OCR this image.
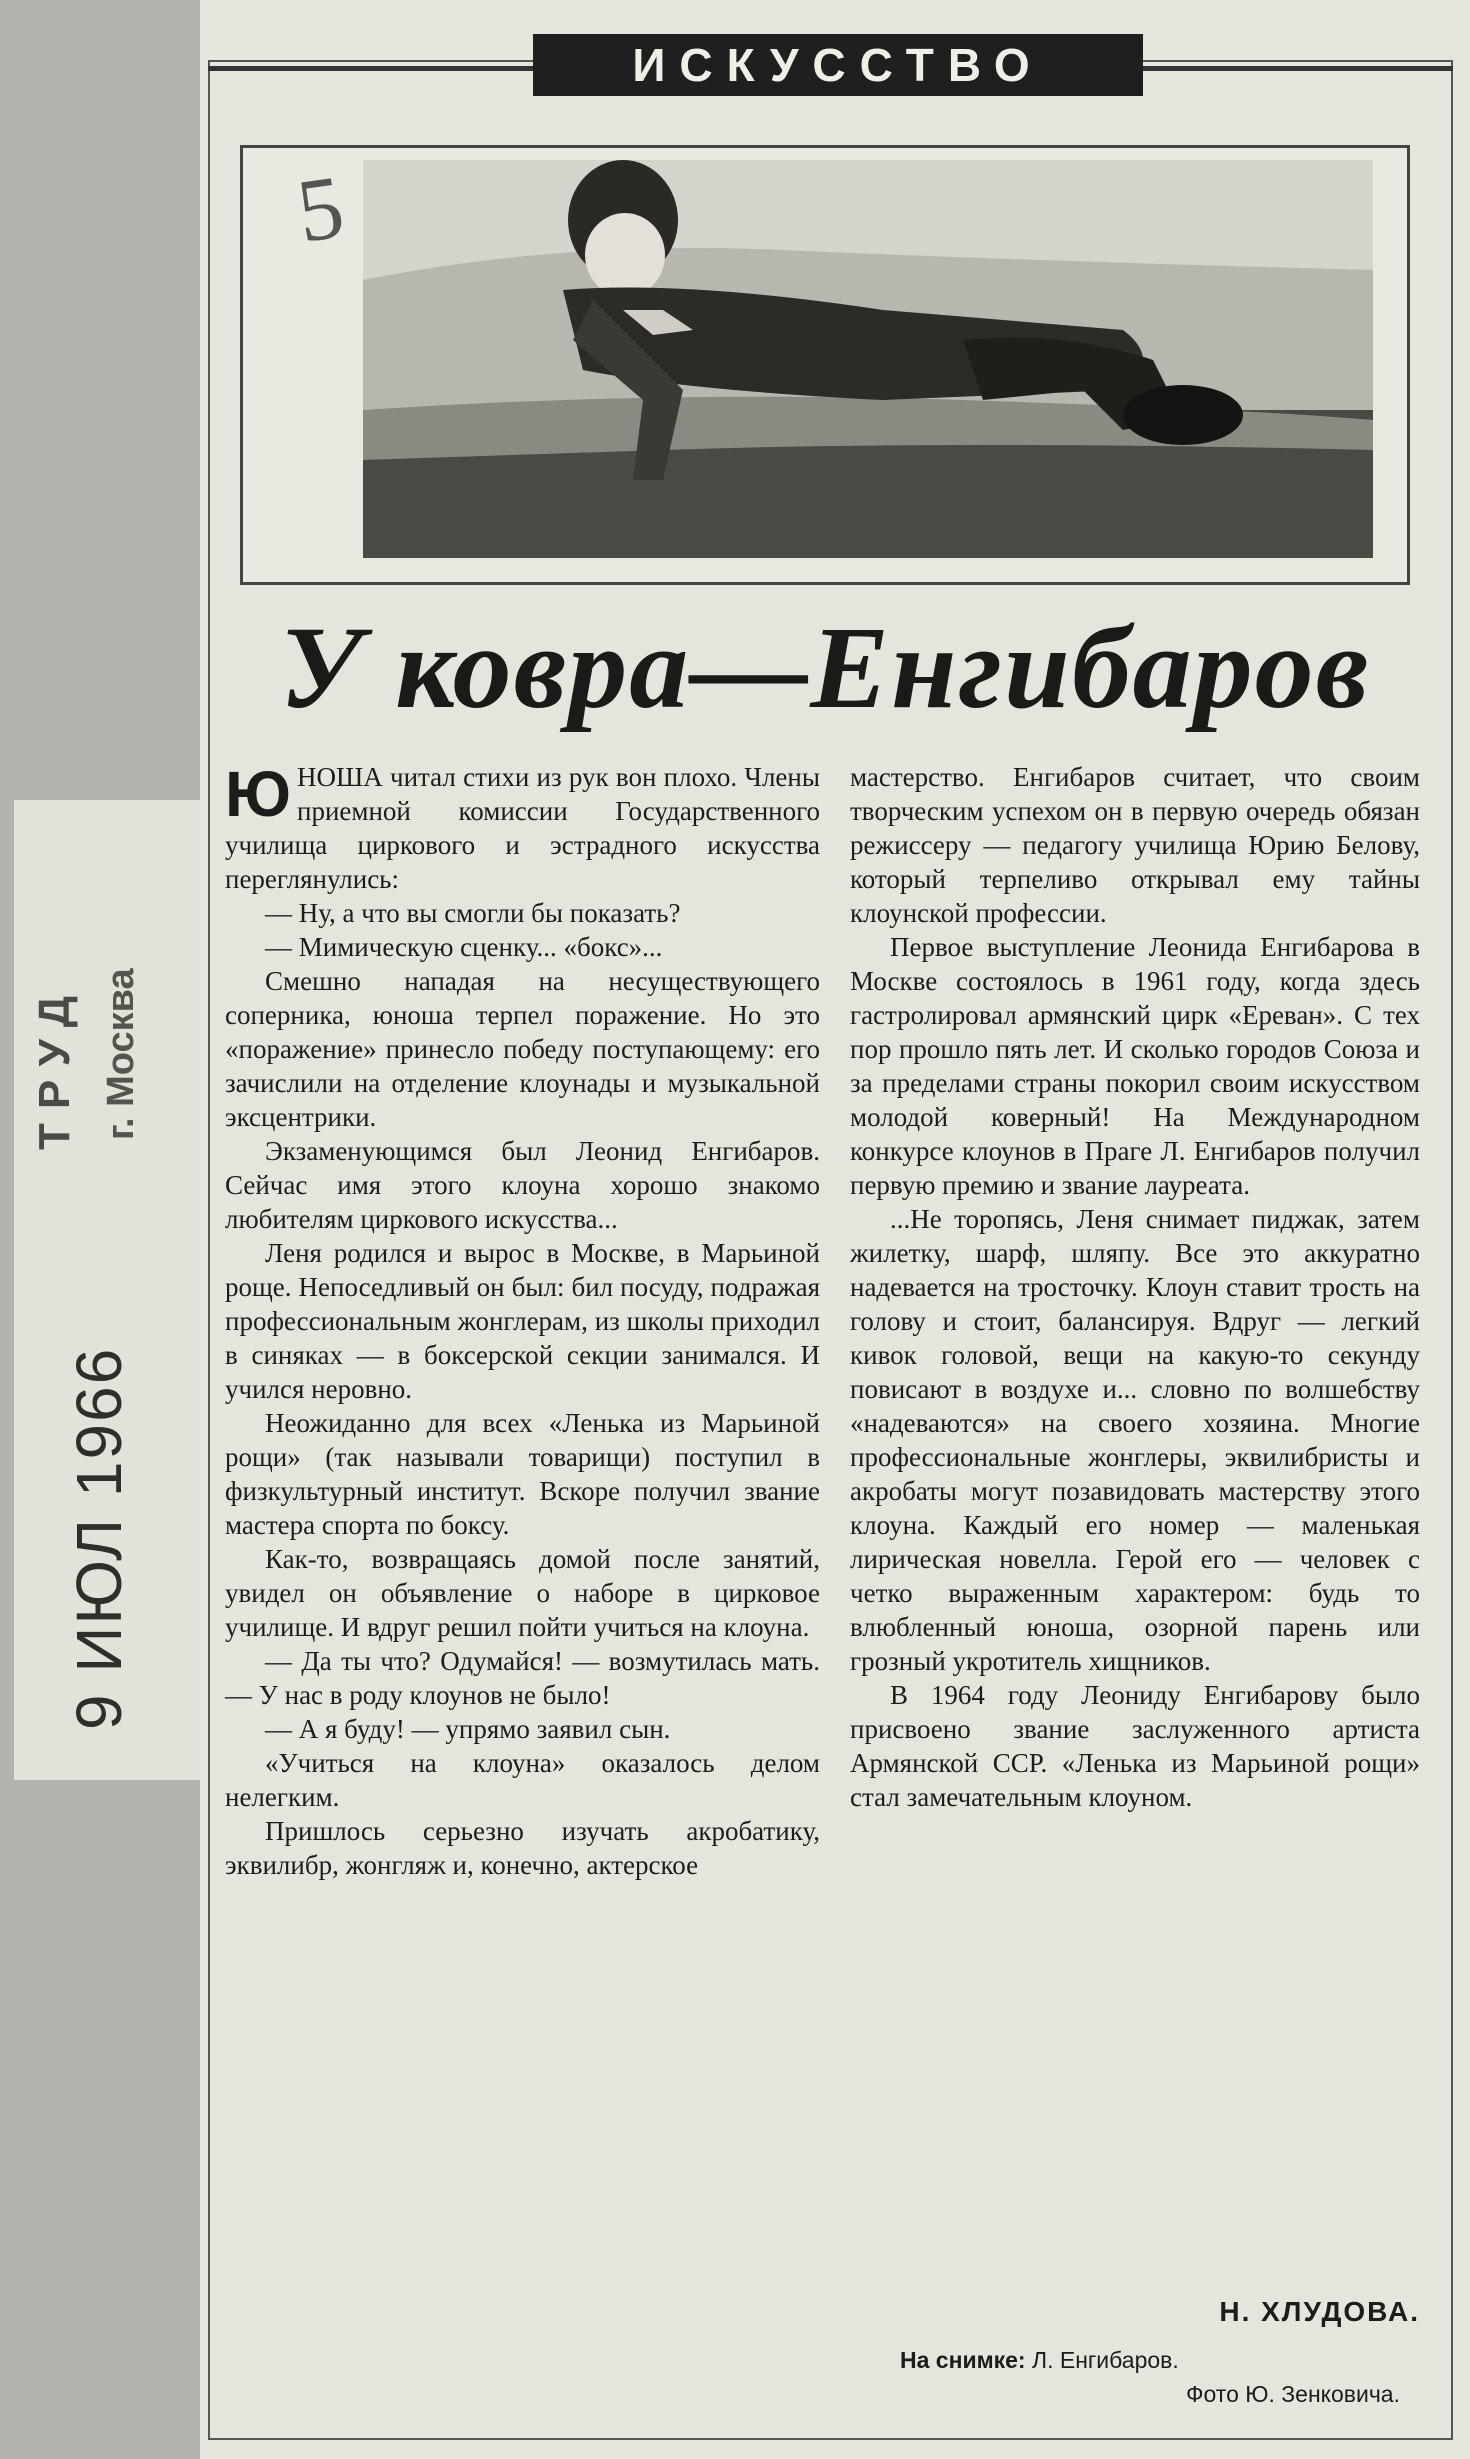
9 ИЮЛ 1966
ТРУД г. Москва
ИСКУССТВО
5
У ковра—Енгибаров

ЮНОША читал стихи из рук вон плохо. Члены приемной комиссии Государственного училища циркового и эстрадного искусства переглянулись:

— Ну, а что вы смогли бы показать?

— Мимическую сценку... «бокс»...

Смешно нападая на несуществующего соперника, юноша терпел поражение. Но это «поражение» принесло победу поступающему: его зачислили на отделение клоунады и музыкальной эксцентрики.

Экзаменующимся был Леонид Енгибаров. Сейчас имя этого клоуна хорошо знакомо любителям циркового искусства...

Леня родился и вырос в Москве, в Марьиной роще. Непоседливый он был: бил посуду, подражая профессиональным жонглерам, из школы приходил в синяках — в боксерской секции занимался. И учился неровно.

Неожиданно для всех «Ленька из Марьиной рощи» (так называли товарищи) поступил в физкультурный институт. Вскоре получил звание мастера спорта по боксу.

Как-то, возвращаясь домой после занятий, увидел он объявление о наборе в цирковое училище. И вдруг решил пойти учиться на клоуна.

— Да ты что? Одумайся! — возмутилась мать.— У нас в роду клоунов не было!

— А я буду! — упрямо заявил сын.

«Учиться на клоуна» оказалось делом нелегким.

Пришлось серьезно изучать акробатику, эквилибр, жонгляж и, конечно, актерское

мастерство. Енгибаров считает, что своим творческим успехом он в первую очередь обязан режиссеру — педагогу училища Юрию Белову, который терпеливо открывал ему тайны клоунской профессии.

Первое выступление Леонида Енгибарова в Москве состоялось в 1961 году, когда здесь гастролировал армянский цирк «Ереван». С тех пор прошло пять лет. И сколько городов Союза и за пределами страны покорил своим искусством молодой коверный! На Международном конкурсе клоунов в Праге Л. Енгибаров получил первую премию и звание лауреата.

...Не торопясь, Леня снимает пиджак, затем жилетку, шарф, шляпу. Все это аккуратно надевается на тросточку. Клоун ставит трость на голову и стоит, балансируя. Вдруг — легкий кивок головой, вещи на какую-то секунду повисают в воздухе и... словно по волшебству «надеваются» на своего хозяина. Многие профессиональные жонглеры, эквилибристы и акробаты могут позавидовать мастерству этого клоуна. Каждый его номер — маленькая лирическая новелла. Герой его — человек с четко выраженным характером: будь то влюбленный юноша, озорной парень или грозный укротитель хищников.

В 1964 году Леониду Енгибарову было присвоено звание заслуженного артиста Армянской ССР. «Ленька из Марьиной рощи» стал замечательным клоуном.

Н. ХЛУДОВА.
На снимке: Л. Енгибаров.
Фото Ю. Зенковича.
